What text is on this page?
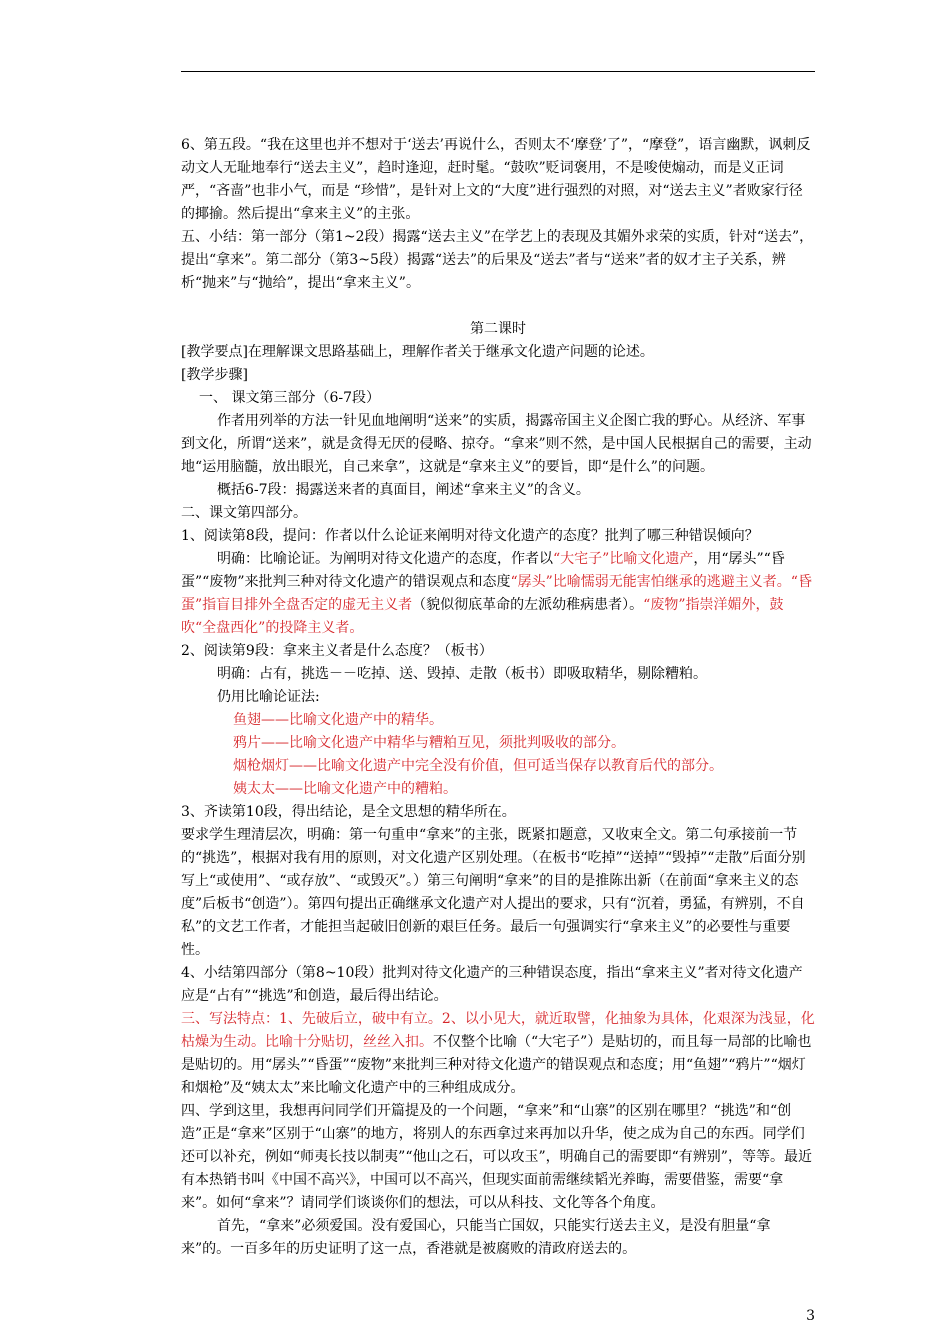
6、第五段。“我在这里也并不想对于‘送去’再说什么，否则太不‘摩登’了”，“摩登”，语言幽默，讽刺反动文人无耻地奉行“送去主义”，趋时逢迎，赶时髦。“鼓吹”贬词褒用，不是唆使煽动，而是义正词严，“吝啬”也非小气，而是 “珍惜”，是针对上文的“大度”进行强烈的对照，对“送去主义”者败家行径的揶揄。然后提出“拿来主义”的主张。

五、小结：第一部分（第1~2段）揭露“送去主义”在学艺上的表现及其媚外求荣的实质，针对“送去”，提出“拿来”。第二部分（第3~5段）揭露“送去”的后果及“送去”者与“送来”者的奴才主子关系，辨析“抛来”与“抛给”，提出“拿来主义”。

第二课时

[教学要点]在理解课文思路基础上，理解作者关于继承文化遗产问题的论述。

[教学步骤]

一、 课文第三部分（6-7段）

作者用列举的方法一针见血地阐明“送来”的实质，揭露帝国主义企图亡我的野心。从经济、军事到文化，所谓“送来”，就是贪得无厌的侵略、掠夺。“拿来”则不然，是中国人民根据自己的需要，主动地“运用脑髓，放出眼光，自己来拿”，这就是“拿来主义”的要旨，即“是什么”的问题。

概括6-7段：揭露送来者的真面目，阐述“拿来主义”的含义。

二、课文第四部分。

1、阅读第8段，提问：作者以什么论证来阐明对待文化遗产的态度？批判了哪三种错误倾向？

明确：比喻论证。为阐明对待文化遗产的态度，作者以“大宅子”比喻文化遗产，用“孱头”“昏蛋”“废物”来批判三种对待文化遗产的错误观点和态度“孱头”比喻懦弱无能害怕继承的逃避主义者。“昏蛋”指盲目排外全盘否定的虚无主义者（貌似彻底革命的左派幼稚病患者）。“废物”指崇洋媚外，鼓吹“全盘西化”的投降主义者。

2、阅读第9段：拿来主义者是什么态度？（板书）

明确：占有，挑选－－吃掉、送、毁掉、走散（板书）即吸取精华，剔除糟粕。

仍用比喻论证法:

鱼翅——比喻文化遗产中的精华。

鸦片——比喻文化遗产中精华与糟粕互见，须批判吸收的部分。

烟枪烟灯——比喻文化遗产中完全没有价值，但可适当保存以教育后代的部分。

姨太太——比喻文化遗产中的糟粕。

3、齐读第10段，得出结论，是全文思想的精华所在。

要求学生理清层次，明确：第一句重申“拿来”的主张，既紧扣题意，又收束全文。第二句承接前一节的“挑选”，根据对我有用的原则，对文化遗产区别处理。（在板书“吃掉”“送掉”“毁掉”“走散”后面分别写上“或使用”、“或存放”、“或毁灭”。）第三句阐明“拿来”的目的是推陈出新（在前面“拿来主义的态度”后板书“创造”）。第四句提出正确继承文化遗产对人提出的要求，只有“沉着，勇猛，有辨别，不自私”的文艺工作者，才能担当起破旧创新的艰巨任务。最后一句强调实行“拿来主义”的必要性与重要性。

4、小结第四部分（第8~10段）批判对待文化遗产的三种错误态度，指出“拿来主义”者对待文化遗产应是“占有”“挑选”和创造，最后得出结论。

三、写法特点：1、先破后立，破中有立。2、以小见大，就近取譬，化抽象为具体，化艰深为浅显，化枯燥为生动。比喻十分贴切，丝丝入扣。不仅整个比喻（“大宅子”）是贴切的，而且每一局部的比喻也是贴切的。用“孱头”“昏蛋”“废物”来批判三种对待文化遗产的错误观点和态度；用“鱼翅”“鸦片”“烟灯和烟枪”及“姨太太”来比喻文化遗产中的三种组成成分。

四、学到这里，我想再问同学们开篇提及的一个问题，“拿来”和“山寨”的区别在哪里？“挑选”和“创造”正是“拿来”区别于“山寨”的地方，将别人的东西拿过来再加以升华，使之成为自己的东西。同学们还可以补充，例如“师夷长技以制夷”“他山之石，可以攻玉”，明确自己的需要即“有辨别”，等等。最近有本热销书叫《中国不高兴》，中国可以不高兴，但现实面前需继续韬光养晦，需要借鉴，需要“拿来”。如何“拿来”？请同学们谈谈你们的想法，可以从科技、文化等各个角度。

首先，“拿来”必须爱国。没有爱国心，只能当亡国奴，只能实行送去主义，是没有胆量“拿来”的。一百多年的历史证明了这一点，香港就是被腐败的清政府送去的。

3
